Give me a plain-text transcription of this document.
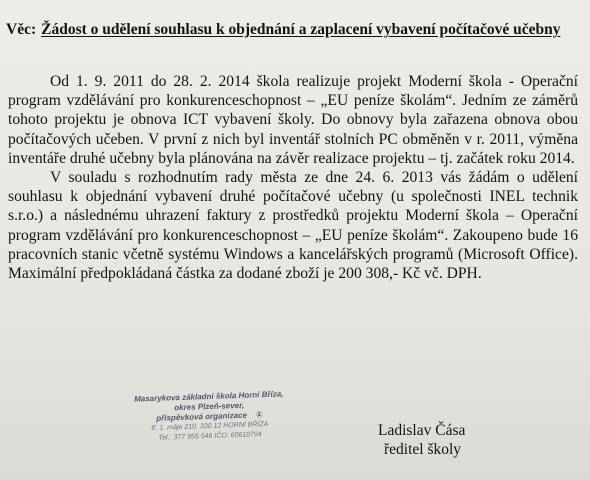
Věc: Žádost o udělení souhlasu k objednání a zaplacení vybavení počítačové učebny

Od 1. 9. 2011 do 28. 2. 2014 škola realizuje projekt Moderní škola - Operační program vzdělávání pro konkurenceschopnost – „EU peníze školám“. Jedním ze záměrů tohoto projektu je obnova ICT vybavení školy. Do obnovy byla zařazena obnova obou počítačových učeben. V první z nich byl inventář stolních PC obměněn v r. 2011, výměna inventáře druhé učebny byla plánována na závěr realizace projektu – tj. začátek roku 2014.

V souladu s rozhodnutím rady města ze dne 24. 6. 2013 vás žádám o udělení souhlasu k objednání vybavení druhé počítačové učebny (u společnosti INEL technik s.r.o.) a následnému uhrazení faktury z prostředků projektu Moderní škola – Operační program vzdělávání pro konkurenceschopnost – „EU peníze školám“. Zakoupeno bude 16 pracovních stanic včetně systému Windows a kancelářských programů (Microsoft Office). Maximální předpokládaná částka za dodané zboží je 200 308,- Kč vč. DPH.

Masarykova základní škola Horní Bříza,
okres Plzeň-sever,
příspěvková organizace ①
tř. 1. máje 210, 330 12 HORNÍ BŘÍZA
Tel.: 377 955 546 IČO: 60610794	Ladislav Čása
ředitel školy
